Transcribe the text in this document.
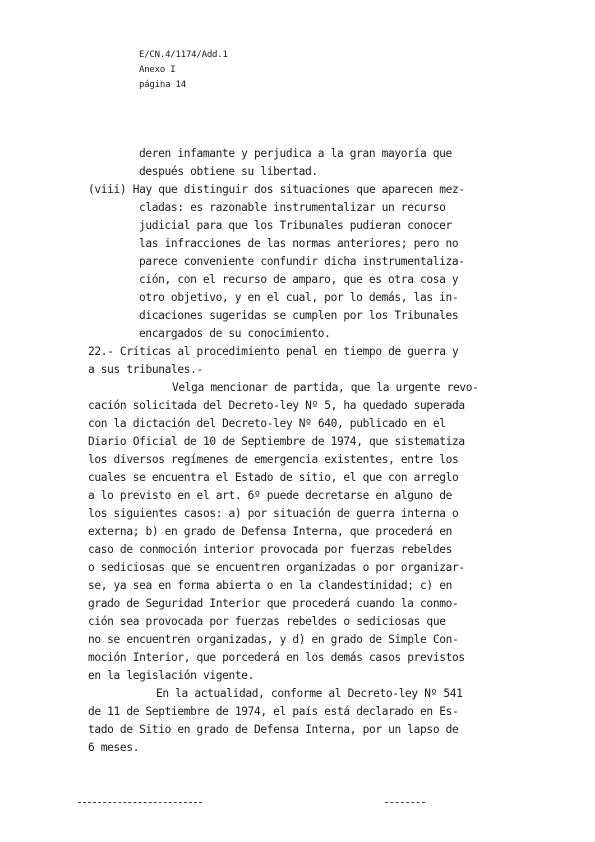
E/CN.4/1174/Add.1
Anexo I
página 14
deren infamante y perjudica a la gran mayoría que
después obtiene su libertad.
(viii) Hay que distinguir dos situaciones que aparecen mez-
cladas: es razonable instrumentalizar un recurso
judicial para que los Tribunales pudieran conocer
las infracciones de las normas anteriores; pero no
parece conveniente confundir dicha instrumentaliza-
ción, con el recurso de amparo, que es otra cosa y
otro objetivo, y en el cual, por lo demás, las in-
dicaciones sugeridas se cumplen por los Tribunales
encargados de su conocimiento.
22.- Críticas al procedimiento penal en tiempo de guerra y
a sus tribunales.-
Velga mencionar de partida, que la urgente revo-
cación solicitada del Decreto-ley Nº 5, ha quedado superada
con la dictación del Decreto-ley Nº 640, publicado en el
Diario Oficial de 10 de Septiembre de 1974, que sistematiza
los diversos regímenes de emergencia existentes, entre los
cuales se encuentra el Estado de sitio, el que con arreglo
a lo previsto en el art. 6º puede decretarse en alguno de
los siguientes casos: a) por situación de guerra interna o
externa; b) en grado de Defensa Interna, que procederá en
caso de conmoción interior provocada por fuerzas rebeldes
o sediciosas que se encuentren organizadas o por organizar-
se, ya sea en forma abierta o en la clandestinidad; c) en
grado de Seguridad Interior que procederá cuando la conmo-
ción sea provocada por fuerzas rebeldes o sediciosas que
no se encuentren organizadas, y d) en grado de Simple Con-
moción Interior, que porcederá en los demás casos previstos
en la legislación vigente.
En la actualidad, conforme al Decreto-ley Nº 541
de 11 de Septiembre de 1974, el país está declarado en Es-
tado de Sitio en grado de Defensa Interna, por un lapso de
6 meses.
